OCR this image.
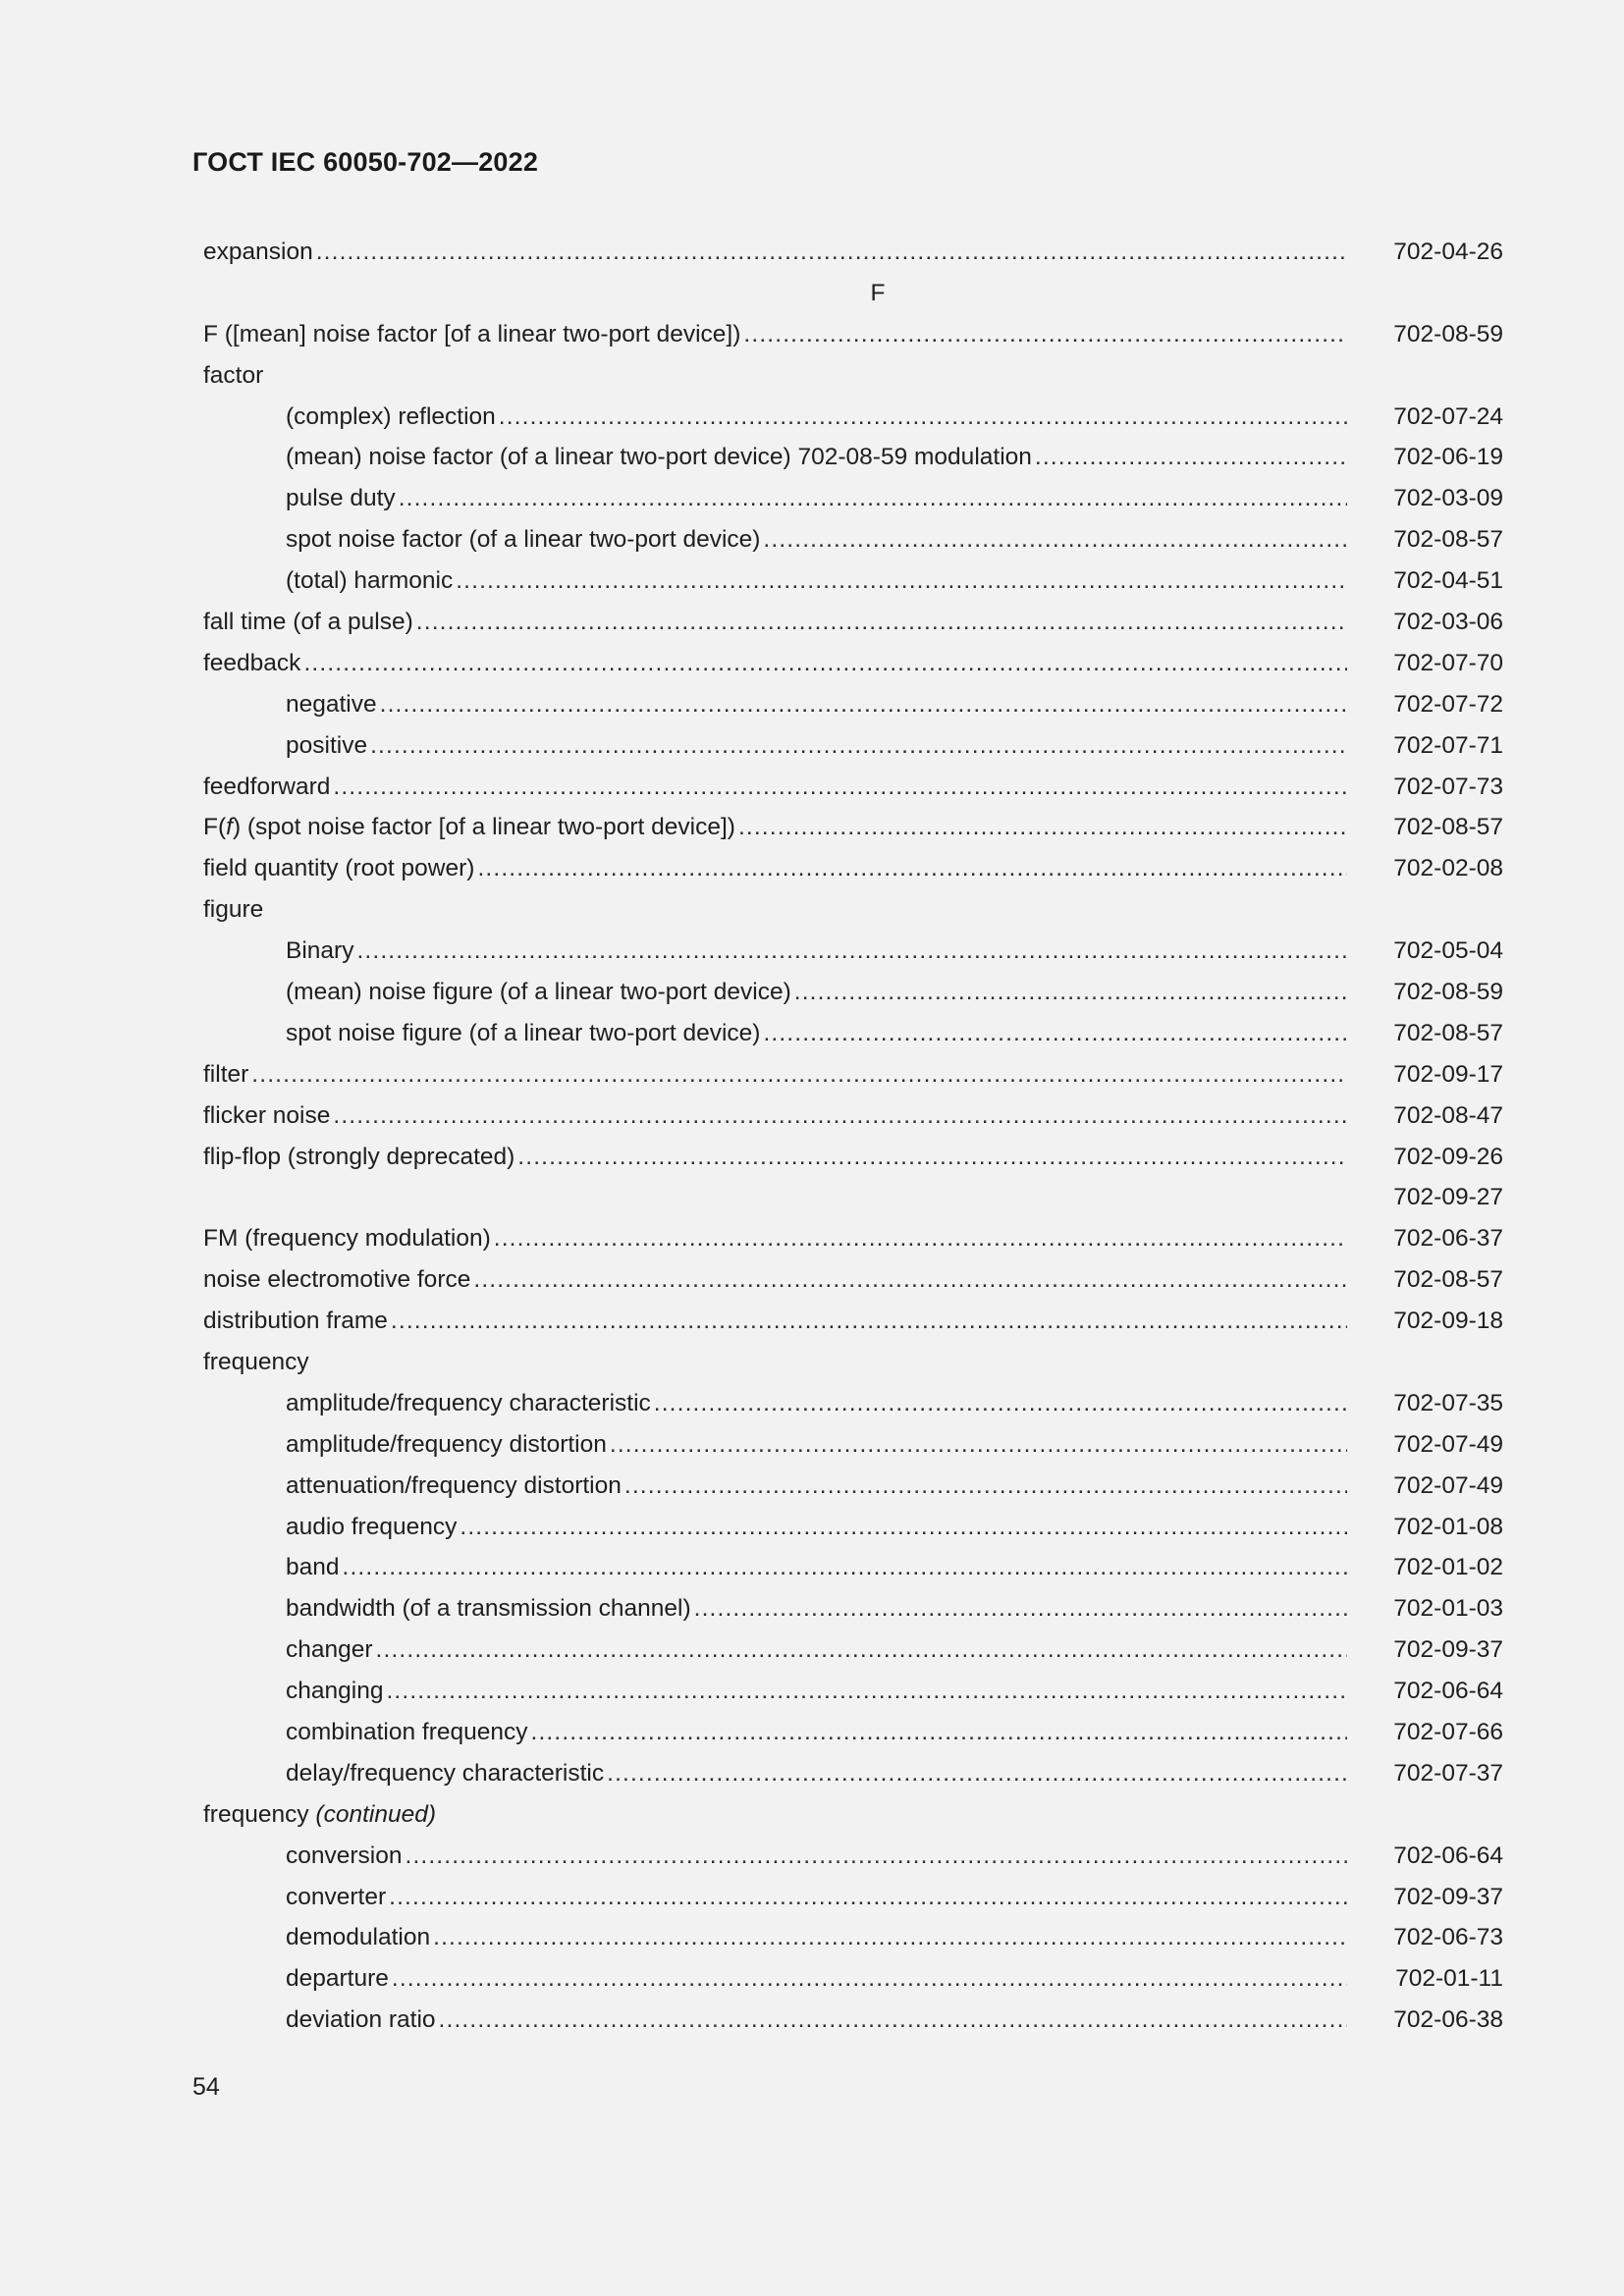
ГОСТ IEC 60050-702—2022
expansion .....	702-04-26
F
F ([mean] noise factor [of a linear two-port device]) .....	702-08-59
factor
(complex) reflection .....	702-07-24
(mean) noise factor (of a linear two-port device) 702-08-59 modulation .....	702-06-19
pulse duty .....	702-03-09
spot noise factor (of a linear two-port device) .....	702-08-57
(total) harmonic .....	702-04-51
fall time (of a pulse) .....	702-03-06
feedback .....	702-07-70
negative .....	702-07-72
positive .....	702-07-71
feedforward .....	702-07-73
F(f) (spot noise factor [of a linear two-port device]) .....	702-08-57
field quantity (root power) .....	702-02-08
figure
Binary .....	702-05-04
(mean) noise figure (of a linear two-port device) .....	702-08-59
spot noise figure (of a linear two-port device) .....	702-08-57
filter .....	702-09-17
flicker noise .....	702-08-47
flip-flop (strongly deprecated) .....	702-09-26
702-09-27
FM (frequency modulation) .....	702-06-37
noise electromotive force .....	702-08-57
distribution frame .....	702-09-18
frequency
amplitude/frequency characteristic .....	702-07-35
amplitude/frequency distortion .....	702-07-49
attenuation/frequency distortion .....	702-07-49
audio frequency .....	702-01-08
band .....	702-01-02
bandwidth (of a transmission channel) .....	702-01-03
changer .....	702-09-37
changing .....	702-06-64
combination frequency .....	702-07-66
delay/frequency characteristic .....	702-07-37
frequency (continued)
conversion .....	702-06-64
converter .....	702-09-37
demodulation .....	702-06-73
departure .....	702-01-11
deviation ratio .....	702-06-38
54
